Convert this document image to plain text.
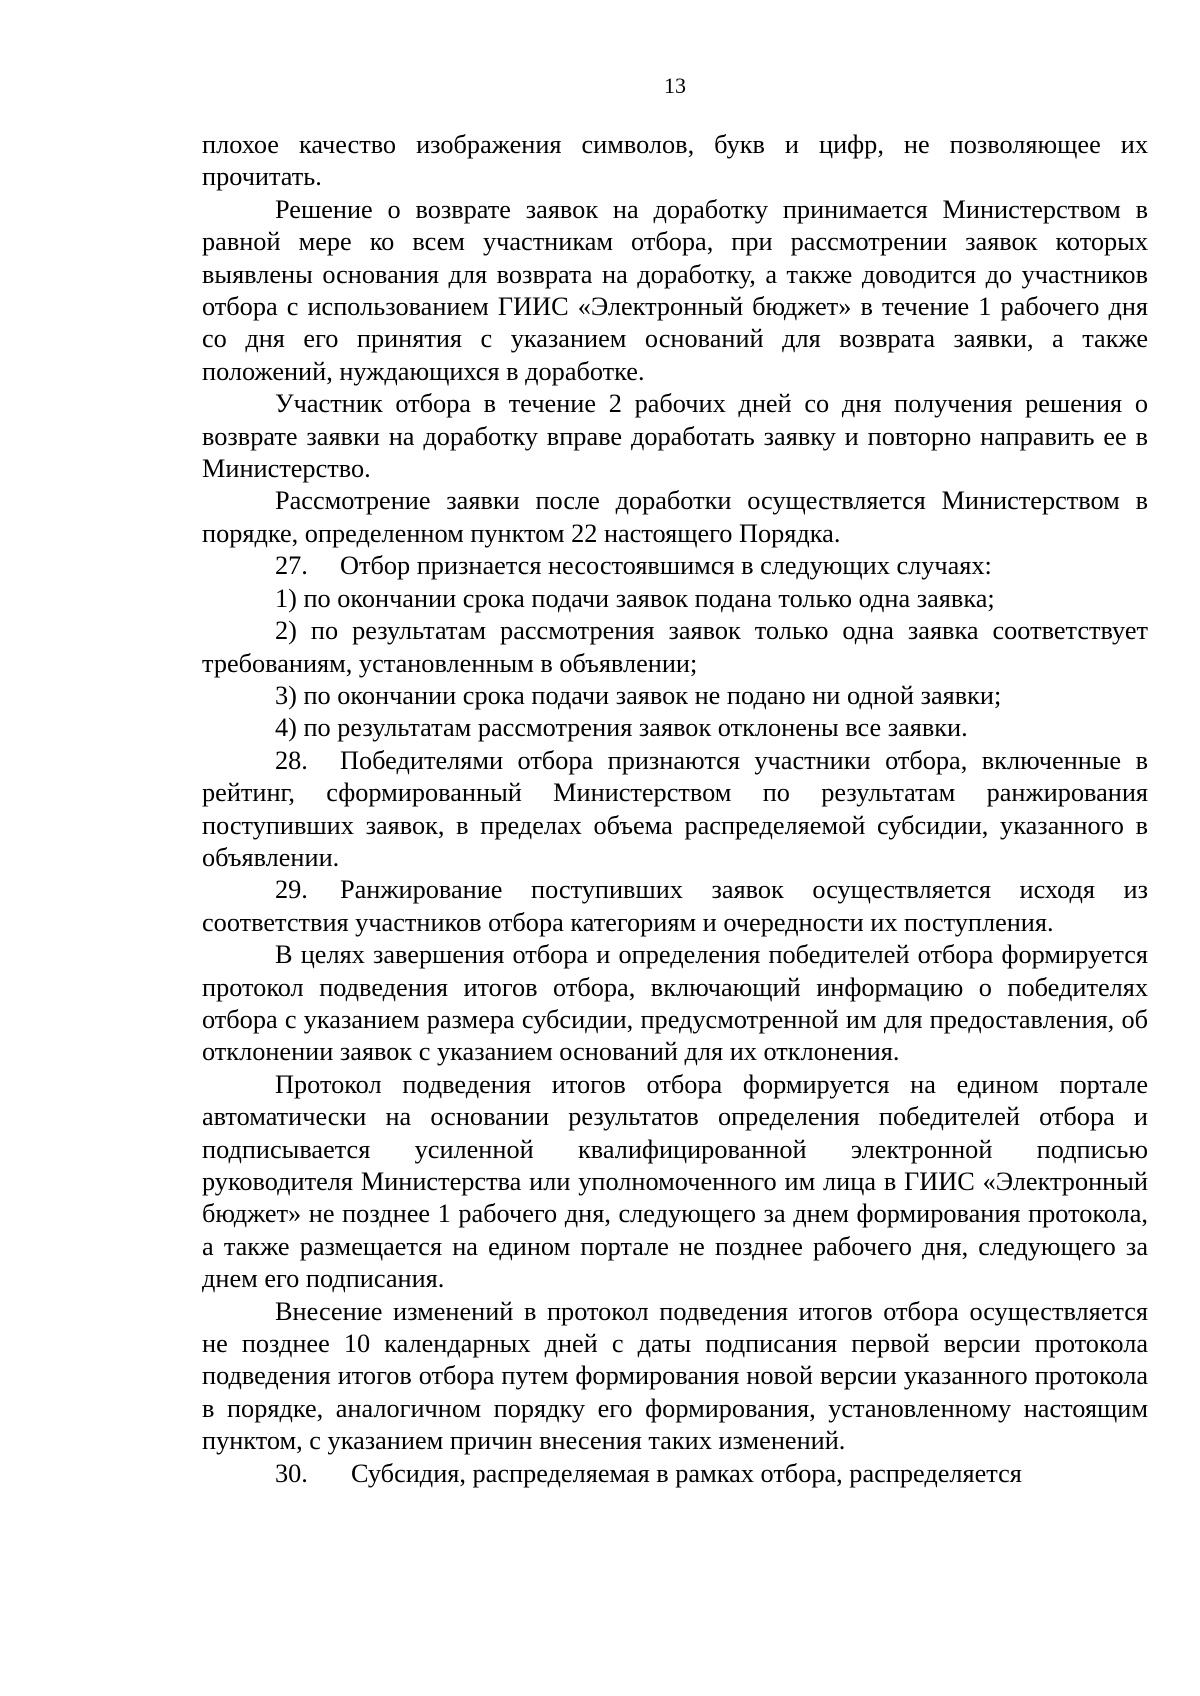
13

плохое качество изображения символов, букв и цифр, не позволяющее их прочитать.

Решение о возврате заявок на доработку принимается Министерством в равной мере ко всем участникам отбора, при рассмотрении заявок которых выявлены основания для возврата на доработку, а также доводится до участников отбора с использованием ГИИС «Электронный бюджет» в течение 1 рабочего дня со дня его принятия с указанием оснований для возврата заявки, а также положений, нуждающихся в доработке.

Участник отбора в течение 2 рабочих дней со дня получения решения о возврате заявки на доработку вправе доработать заявку и повторно направить ее в Министерство.

Рассмотрение заявки после доработки осуществляется Министерством в порядке, определенном пунктом 22 настоящего Порядка.

27. Отбор признается несостоявшимся в следующих случаях:

1) по окончании срока подачи заявок подана только одна заявка;

2) по результатам рассмотрения заявок только одна заявка соответствует требованиям, установленным в объявлении;

3) по окончании срока подачи заявок не подано ни одной заявки;

4) по результатам рассмотрения заявок отклонены все заявки.

28. Победителями отбора признаются участники отбора, включенные в рейтинг, сформированный Министерством по результатам ранжирования поступивших заявок, в пределах объема распределяемой субсидии, указанного в объявлении.

29. Ранжирование поступивших заявок осуществляется исходя из соответствия участников отбора категориям и очередности их поступления.

В целях завершения отбора и определения победителей отбора формируется протокол подведения итогов отбора, включающий информацию о победителях отбора с указанием размера субсидии, предусмотренной им для предоставления, об отклонении заявок с указанием оснований для их отклонения.

Протокол подведения итогов отбора формируется на едином портале автоматически на основании результатов определения победителей отбора и подписывается усиленной квалифицированной электронной подписью руководителя Министерства или уполномоченного им лица в ГИИС «Электронный бюджет» не позднее 1 рабочего дня, следующего за днем формирования протокола, а также размещается на едином портале не позднее рабочего дня, следующего за днем его подписания.

Внесение изменений в протокол подведения итогов отбора осуществляется не позднее 10 календарных дней с даты подписания первой версии протокола подведения итогов отбора путем формирования новой версии указанного протокола в порядке, аналогичном порядку его формирования, установленному настоящим пунктом, с указанием причин внесения таких изменений.

30. Субсидия, распределяемая в рамках отбора, распределяется
